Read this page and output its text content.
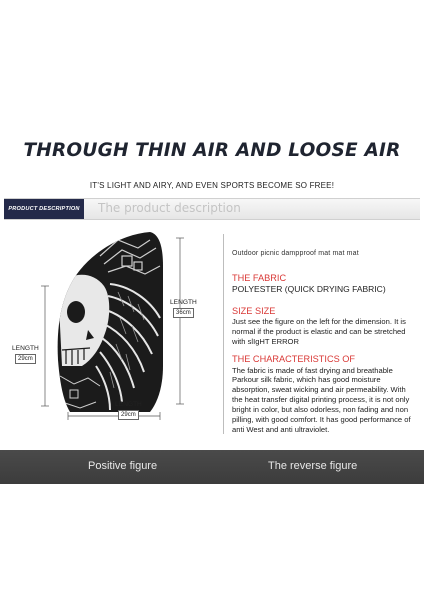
THROUGH THIN AIR AND LOOSE AIR
IT'S LIGHT AND AIRY, AND EVEN SPORTS BECOME SO FREE!
PRODUCT DESCRIPTION	The product description
LENGTH
36cm
LENGTH
29cm
LENGTH
29cm
Outdoor picnic dampproof mat mat mat
THE FABRIC
POLYESTER (QUICK DRYING FABRIC)
SIZE SIZE
Just see the figure on the left for the dimension. It is normal if the product is elastic and can be stretched with slIgHT ERROR
THE CHARACTERISTICS OF
The fabric is made of fast drying and breathable Parkour silk fabric, which has good moisture absorption, sweat wicking and air permeability. With the heat transfer digital printing process, it is not only bright in color, but also odorless, non fading and non pilling, with good comfort. It has good performance of anti West and anti ultraviolet.
Positive figure	The reverse figure
